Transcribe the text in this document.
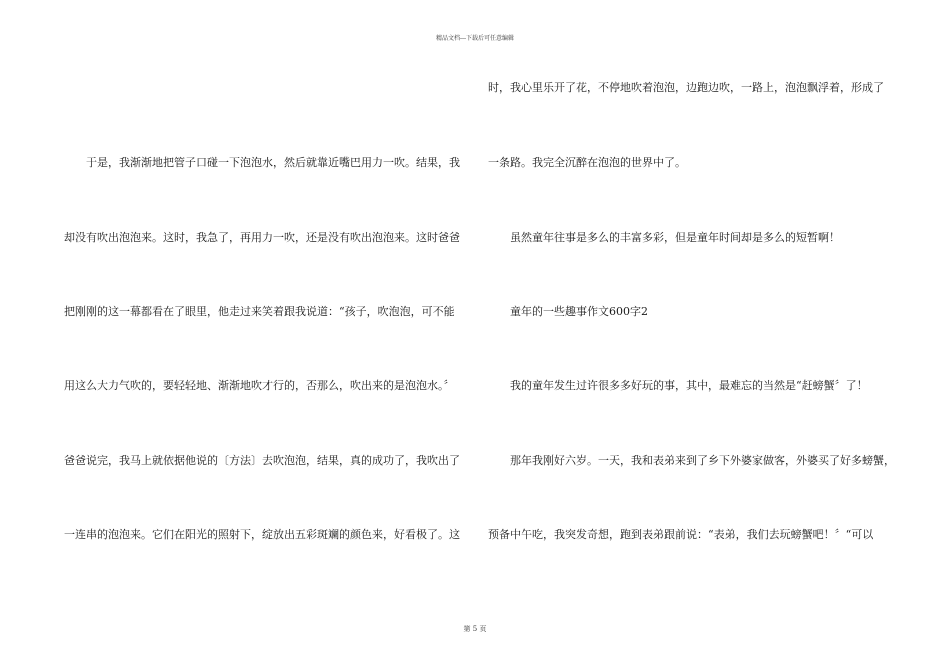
精品文档---下载后可任意编辑
　　于是，我渐渐地把管子口碰一下泡泡水，然后就靠近嘴巴用力一吹。结果，我
却没有吹出泡泡来。这时，我急了，再用力一吹，还是没有吹出泡泡来。这时爸爸
把刚刚的这一幕都看在了眼里，他走过来笑着跟我说道：“孩子，吹泡泡，可不能
用这么大力气吹的，要轻轻地、渐渐地吹才行的，否那么，吹出来的是泡泡水。〞
爸爸说完，我马上就依据他说的〔方法〕去吹泡泡，结果，真的成功了，我吹出了
一连串的泡泡来。它们在阳光的照射下，绽放出五彩斑斓的颜色来，好看极了。这
时，我心里乐开了花，不停地吹着泡泡，边跑边吹，一路上，泡泡飘浮着，形成了
一条路。我完全沉醉在泡泡的世界中了。
　　虽然童年往事是多么的丰富多彩，但是童年时间却是多么的短暂啊！
　　童年的一些趣事作文600字2
　　我的童年发生过许很多多好玩的事，其中，最难忘的当然是“赶螃蟹〞了！
　　那年我刚好六岁。一天，我和表弟来到了乡下外婆家做客，外婆买了好多螃蟹，
预备中午吃，我突发奇想，跑到表弟跟前说：“表弟，我们去玩螃蟹吧！〞“可以
第 5 页
